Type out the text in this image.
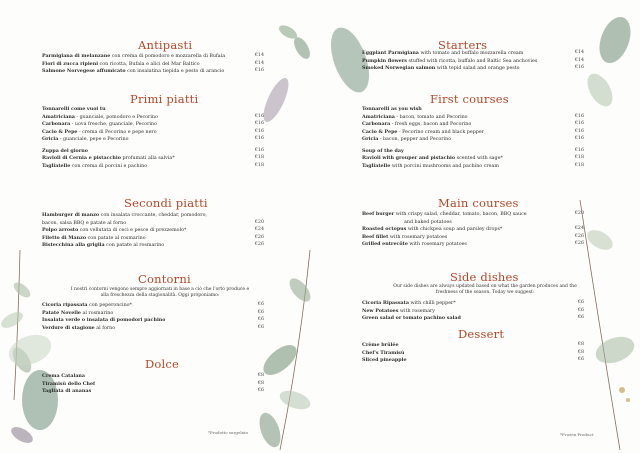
Antipasti
Parmigiana di melanzane con crema di pomodoro e mozzarella di Bufala	€14
Fiori di zucca ripieni con ricotta, Bufala e alici del Mar Baltico	€14
Salmone Norvegese affumicato con insalatina tiepida e pesto di arancio	€16
Primi piatti
Tonnarelli come vuoi tu
Amatriciana - guanciale, pomodoro e Pecorino	€16
Carbonara - uova fresche, guanciale, Pecorino	€16
Cacio & Pepe - crema di Pecorino e pepe nero	€16
Gricia - guanciale, pepe e Pecorino	€16
Zuppa del giorno	€16
Ravioli di Cernia e pistacchio profumati alla salvia*	€18
Tagliatelle con crema di porcini e pachino	€18
Secondi piatti
Hamburger di manzo con insalata croccante, cheddar, pomodoro,
bacon, salsa BBQ e patate al forno	€20
Polpo arrosto con vellutata di ceci e pesce di prezzemolo*	€24
Filetto di Manzo con patate al rosmarino	€26
Bistecchina alla griglia con patate al rosmarino	€26
Contorni
I nostri contorni vengono sempre aggiornati in base a ciò che l'orto produce e alla freschezza della stagionalità. Oggi proponiamo:
Cicoria ripassata con peperoncino*	€6
Patate Novelle al rosmarino	€6
Insalata verde o insalata di pomodori pachino	€6
Verdure di stagione al forno	€6
Dolce
Crema Catalana	€8
Tiramisù dello Chef	€8
Tagliata di ananas	€6
*Prodotto surgelato
Starters
Eggplant Parmigiana with tomato and buffalo mozzarella cream	€14
Pumpkin flowers stuffed with ricotta, buffalo and Baltic Sea anchovies	€14
Smoked Norwegian salmon with tepid salad and orange pesto	€16
First courses
Tonnarelli as you wish
Amatriciana - bacon, tomato and Pecorino	€16
Carbonara - fresh eggs, bacon and Pecorino	€16
Cacio & Pepe - Pecorino cream and black pepper	€16
Gricia - bacon, pepper and Pecorino	€16
Soup of the day	€16
Ravioli with grouper and pistachio scented with sage*	€18
Tagliatelle with porcini mushrooms and pachino cream	€18
Main courses
Beef burger with crispy salad, cheddar, tomato, bacon, BBQ sauce	€20
and baked potatoes
Roasted octopus with chickpea soup and parsley drops*	€24
Beef fillet with rosemary potatoes	€26
Grilled entrecôte with rosemary potatoes	€26
Side dishes
Our side dishes are always updated based on what the garden produces and the freshness of the season. Today we suggest:
Cicoria Ripassata with chilli pepper*	€6
New Potatoes with rosemary	€6
Green salad or tomato pachino salad	€6
Dessert
Crème brûlée	€8
Chef's Tiramisù	€8
Sliced pineapple	€6
*Frozen Product
